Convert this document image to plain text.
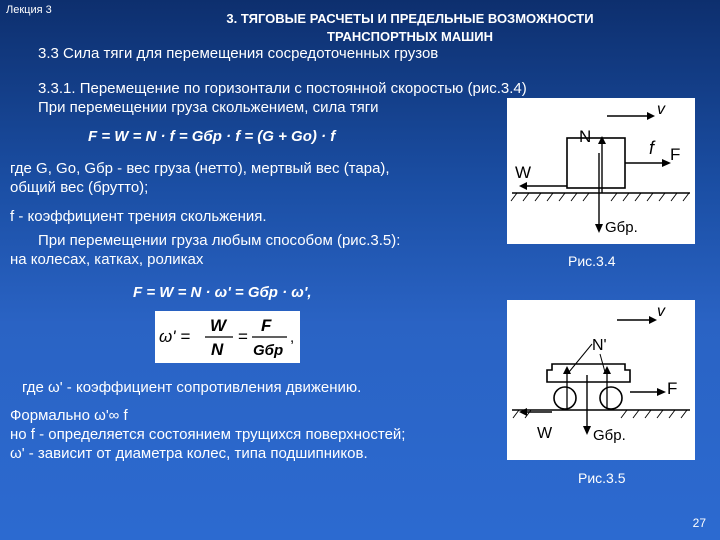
Лекция 3
3. ТЯГОВЫЕ РАСЧЕТЫ И ПРЕДЕЛЬНЫЕ ВОЗМОЖНОСТИ
ТРАНСПОРТНЫХ МАШИН
3.3 Сила тяги для перемещения сосредоточенных грузов
3.3.1. Перемещение по горизонтали с постоянной скоростью (рис.3.4)
При перемещении груза скольжением, сила тяги
F = W = N · f = Gбр · f = (G + Gо) · f
где G, Gо, Gбр - вес груза (нетто), мертвый вес (тара),
общий вес (брутто);
f - коэффициент трения скольжения.
При перемещении груза любым способом (рис.3.5):
на колесах, катках, роликах
F = W = N · ω' = Gбр · ω',
ω' =
W
N
=
F
Gбр
,
где ω' - коэффициент сопротивления движению.
Формально ω'∞ f
но f - определяется состоянием трущихся поверхностей;
ω' - зависит от диаметра колес, типа подшипников.
v
N
f F
W
Gбр.
Рис.3.4
v
N'
F
W	Gбр.
Рис.3.5
27
